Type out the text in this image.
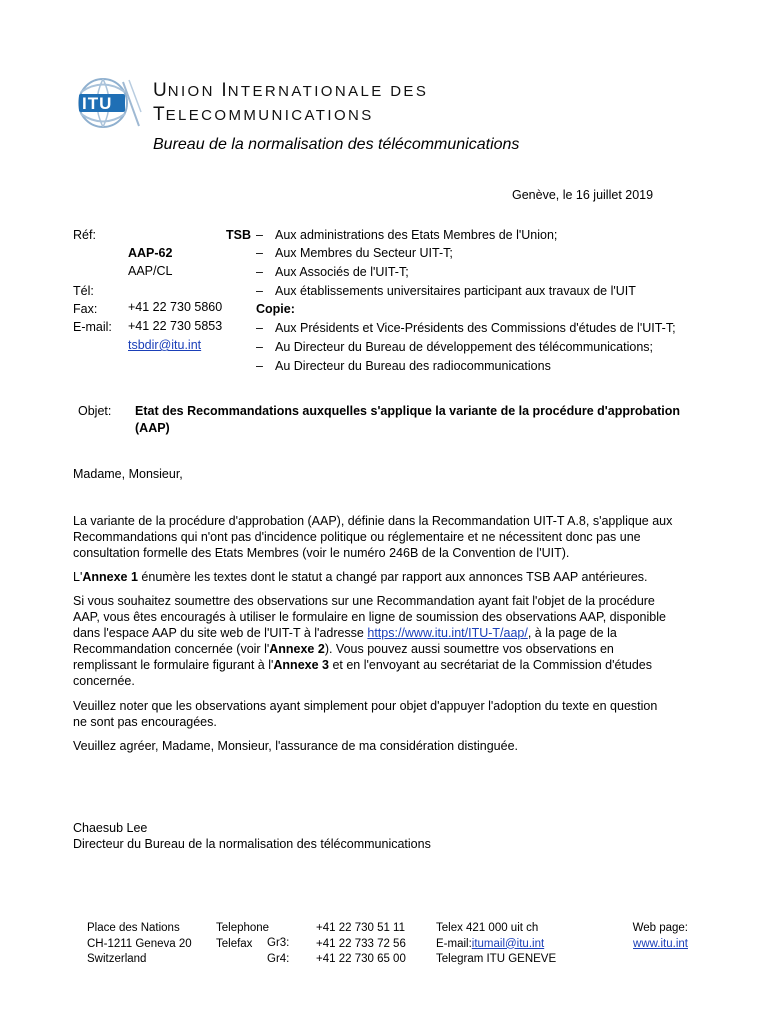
ITU
UNION INTERNATIONALE DES
TELECOMMUNICATIONS
Bureau de la normalisation des télécommunications
Genève, le 16 juillet 2019
Réf:
AAP-62
AAP/CL
TSB
Tél:
Fax:
E-mail:
+41 22 730 5860
+41 22 730 5853
tsbdir@itu.int
– Aux administrations des Etats Membres de l'Union;
– Aux Membres du Secteur UIT-T;
– Aux Associés de l'UIT-T;
– Aux établissements universitaires participant aux travaux de l'UIT
Copie:
– Aux Présidents et Vice-Présidents des Commissions d'études de l'UIT-T;
– Au Directeur du Bureau de développement des télécommunications;
– Au Directeur du Bureau des radiocommunications
Objet: Etat des Recommandations auxquelles s'applique la variante de la procédure d'approbation
(AAP)
Madame, Monsieur,
La variante de la procédure d'approbation (AAP), définie dans la Recommandation UIT-T A.8, s'applique aux
Recommandations qui n'ont pas d'incidence politique ou réglementaire et ne nécessitent donc pas une
consultation formelle des Etats Membres (voir le numéro 246B de la Convention de l'UIT).
L'Annexe 1 énumère les textes dont le statut a changé par rapport aux annonces TSB AAP antérieures.
Si vous souhaitez soumettre des observations sur une Recommandation ayant fait l'objet de la procédure
AAP, vous êtes encouragés à utiliser le formulaire en ligne de soumission des observations AAP, disponible
dans l'espace AAP du site web de l'UIT-T à l'adresse https://www.itu.int/ITU-T/aap/, à la page de la
Recommandation concernée (voir l'Annexe 2). Vous pouvez aussi soumettre vos observations en
remplissant le formulaire figurant à l'Annexe 3 et en l'envoyant au secrétariat de la Commission d'études
concernée.
Veuillez noter que les observations ayant simplement pour objet d'appuyer l'adoption du texte en question
ne sont pas encouragées.
Veuillez agréer, Madame, Monsieur, l'assurance de ma considération distinguée.
Chaesub Lee
Directeur du Bureau de la normalisation des télécommunications
Place des Nations
CH-1211 Geneva 20
Switzerland
Telephone
Telefax	Gr3:
Gr4:
+41 22 730 51 11
+41 22 733 72 56
+41 22 730 65 00
Telex 421 000 uit ch
E-mail:itumail@itu.int
Telegram ITU GENEVE
Web page:
www.itu.int
